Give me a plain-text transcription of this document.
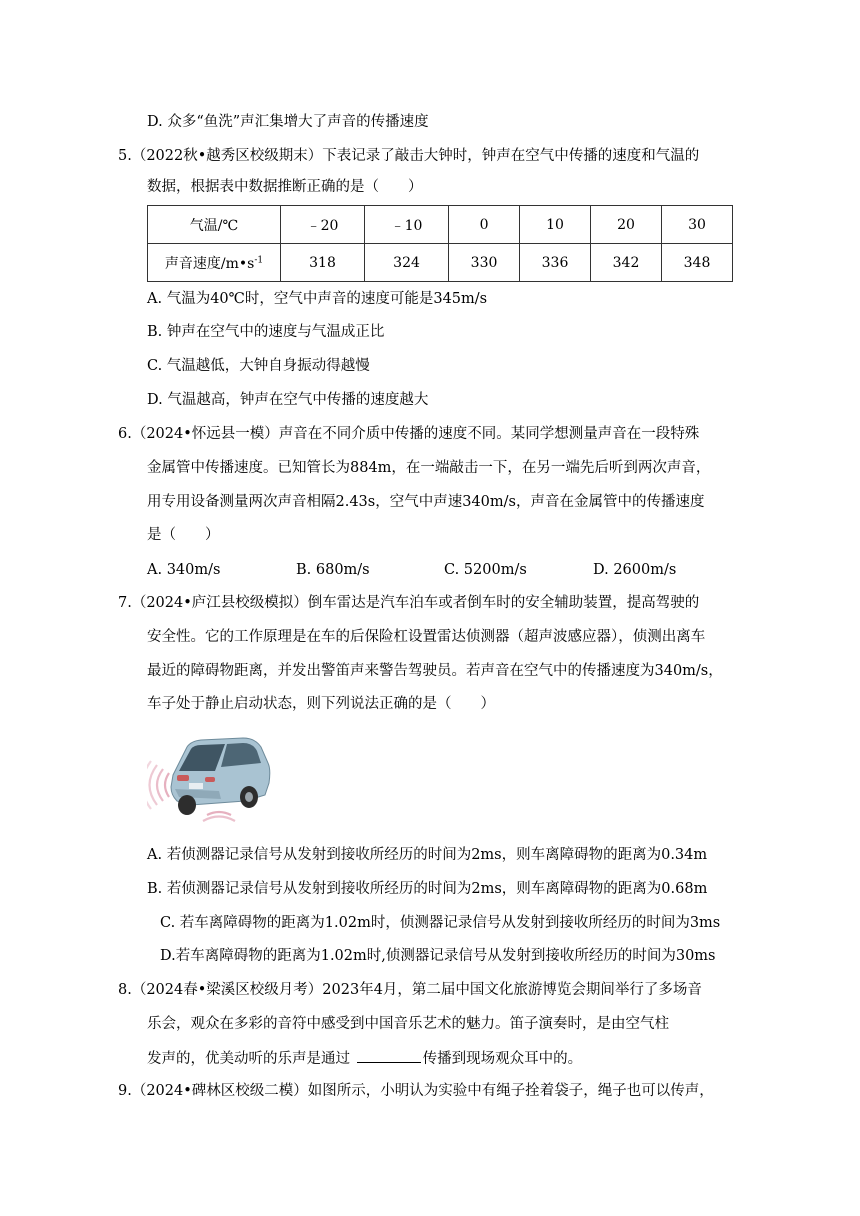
D. 众多“鱼洗”声汇集增大了声音的传播速度
5.（2022秋•越秀区校级期末）下表记录了敲击大钟时，钟声在空气中传播的速度和气温的
数据，根据表中数据推断正确的是（　　）
气温/℃	﹣20	﹣10	0	10	20	30
声音速度$/m•s^{-1}$	318	324	330	336	342	348
A. 气温为40℃时，空气中声音的速度可能是345m/s
B. 钟声在空气中的速度与气温成正比
C. 气温越低，大钟自身振动得越慢
D. 气温越高，钟声在空气中传播的速度越大
6.（2024•怀远县一模）声音在不同介质中传播的速度不同。某同学想测量声音在一段特殊
金属管中传播速度。已知管长为884m，在一端敲击一下，在另一端先后听到两次声音，
用专用设备测量两次声音相隔2.43s，空气中声速340m/s，声音在金属管中的传播速度
是（　　）
A. 340m/s	B. 680m/s	C. 5200m/s	D. 2600m/s
7.（2024•庐江县校级模拟）倒车雷达是汽车泊车或者倒车时的安全辅助装置，提高驾驶的
安全性。它的工作原理是在车的后保险杠设置雷达侦测器（超声波感应器），侦测出离车
最近的障碍物距离，并发出警笛声来警告驾驶员。若声音在空气中的传播速度为340m/s，
车子处于静止启动状态，则下列说法正确的是（　　）
A. 若侦测器记录信号从发射到接收所经历的时间为2ms，则车离障碍物的距离为0.34m
B. 若侦测器记录信号从发射到接收所经历的时间为2ms，则车离障碍物的距离为0.68m
C. 若车离障碍物的距离为1.02m时，侦测器记录信号从发射到接收所经历的时间为3ms
D.若车离障碍物的距离为1.02m时,侦测器记录信号从发射到接收所经历的时间为30ms
8.（2024春•梁溪区校级月考）2023年4月，第二届中国文化旅游博览会期间举行了多场音
乐会，观众在多彩的音符中感受到中国音乐艺术的魅力。笛子演奏时，是由空气柱
发声的，优美动听的乐声是通过	传播到现场观众耳中的。
9.（2024•碑林区校级二模）如图所示，小明认为实验中有绳子拴着袋子，绳子也可以传声，
